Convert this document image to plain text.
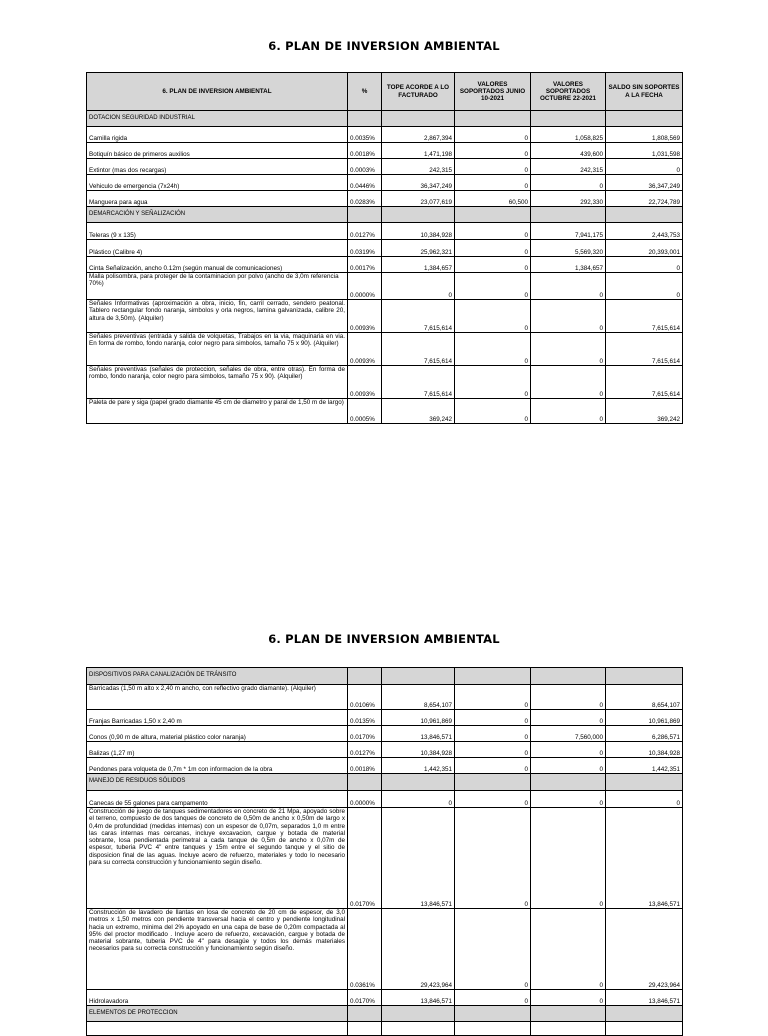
6. PLAN DE INVERSION AMBIENTAL
6. PLAN DE INVERSION AMBIENTAL	%	TOPE ACORDE A LO FACTURADO	VALORES SOPORTADOS JUNIO 10-2021	VALORES SOPORTADOS OCTUBRE 22-2021	SALDO SIN SOPORTES A LA FECHA
DOTACION SEGURIDAD INDUSTRIAL					
Camilla rigida	0.0035%	2,867,394	0	1,058,825	1,808,569
Botiquín básico de primeros auxilios	0.0018%	1,471,198	0	439,600	1,031,598
Extintor (mas dos recargas)	0.0003%	242,315	0	242,315	0
Vehiculo de emergencia (7x24h)	0.0446%	36,347,249	0	0	36,347,249
Manguera para agua	0.0283%	23,077,619	60,500	292,330	22,724,789
DEMARCACIÓN Y SEÑALIZACIÓN					
Teleras (9 x 135)	0.0127%	10,384,928	0	7,941,175	2,443,753
Plástico (Calibre 4)	0.0319%	25,962,321	0	5,569,320	20,393,001
Cinta Señalización, ancho 0.12m (según manual de comunicaciones)	0.0017%	1,384,657	0	1,384,657	0
Malla polisombra, para proteger de la contaminacion por polvo (ancho de 3,0m referencia 70%)	0.0000%	0	0	0	0
Señales Informativas (aproximación a obra, inicio, fin, carril cerrado, sendero peatonal. Tablero rectangular fondo naranja, simbolos y orla negros, lamina galvanizada, calibre 20, altura de 3,50m). (Alquiler)	0.0093%	7,615,614	0	0	7,615,614
Señales preventivas (entrada y salida de volquetas, Trabajos en la via, maquinaria en via. En forma de rombo, fondo naranja, color negro para simbolos, tamaño 75 x 90). (Alquiler)	0.0093%	7,615,614	0	0	7,615,614
Señales preventivas (señales de proteccion, señales de obra, entre otras). En forma de rombo, fondo naranja, color negro para simbolos, tamaño 75 x 90). (Alquiler)	0.0093%	7,615,614	0	0	7,615,614
Paleta de pare y siga (papel grado diamante 45 cm de diametro y paral de 1,50 m de largo)	0.0005%	369,242	0	0	369,242
6. PLAN DE INVERSION AMBIENTAL
DISPOSITIVOS PARA CANALIZACIÓN DE TRÁNSITO					
Barricadas (1,50 m alto x 2,40 m ancho, con reflectivo grado diamante). (Alquiler)	0.0106%	8,654,107	0	0	8,654,107
Franjas Barricadas 1,50 x 2,40 m	0.0135%	10,961,869	0	0	10,961,869
Conos (0,90 m de altura, material plástico color naranja)	0.0170%	13,846,571	0	7,560,000	6,286,571
Balizas (1,27 m)	0.0127%	10,384,928	0	0	10,384,928
Pendones para volqueta de 0,7m * 1m con informacion de la obra	0.0018%	1,442,351	0	0	1,442,351
MANEJO DE RESIDUOS SÓLIDOS					
Canecas de 55 galones para campamento	0.0000%	0	0	0	0
Construcción de juego de tanques sedimentadores en concreto de 21 Mpa, apoyado sobre el terreno, compuesto de dos tanques de concreto de 0,50m de ancho x 0,50m de largo x 0,4m de profundidad (medidas internas) con un espesor de 0,07m, separados 1,0 m entre las caras internas mas cercanas, incluye excavacion, cargue y botada de material sobrante, losa pendientada perimetral a cada tanque de 0,5m de ancho x 0,07m de espesor, tuberia PVC 4" entre tanques y 15m entre el segundo tanque y el sitio de disposicion final de las aguas. Incluye acero de refuerzo, materiales y todo lo necesario para su correcta construcción y funcionamiento según diseño.	0.0170%	13,846,571	0	0	13,846,571
Construcción de lavadero de llantas en losa de concreto de 20 cm de espesor, de 3,0 metros x 1,50 metros con pendiente transversal hacia el centro y pendiente longitudinal hacia un extremo, minima del 2% apoyado en una capa de base de 0,20m compactada al 95% del proctor modificado . Incluye acero de refuerzo, excavación, cargue y botada de material sobrante, tuberia PVC de 4" para desagüe y todos los demás materiales necesarios para su correcta construcción y funcionamiento según diseño.	0.0361%	29,423,964	0	0	29,423,964
Hidrolavadora	0.0170%	13,846,571	0	0	13,846,571
ELEMENTOS DE PROTECCION					
